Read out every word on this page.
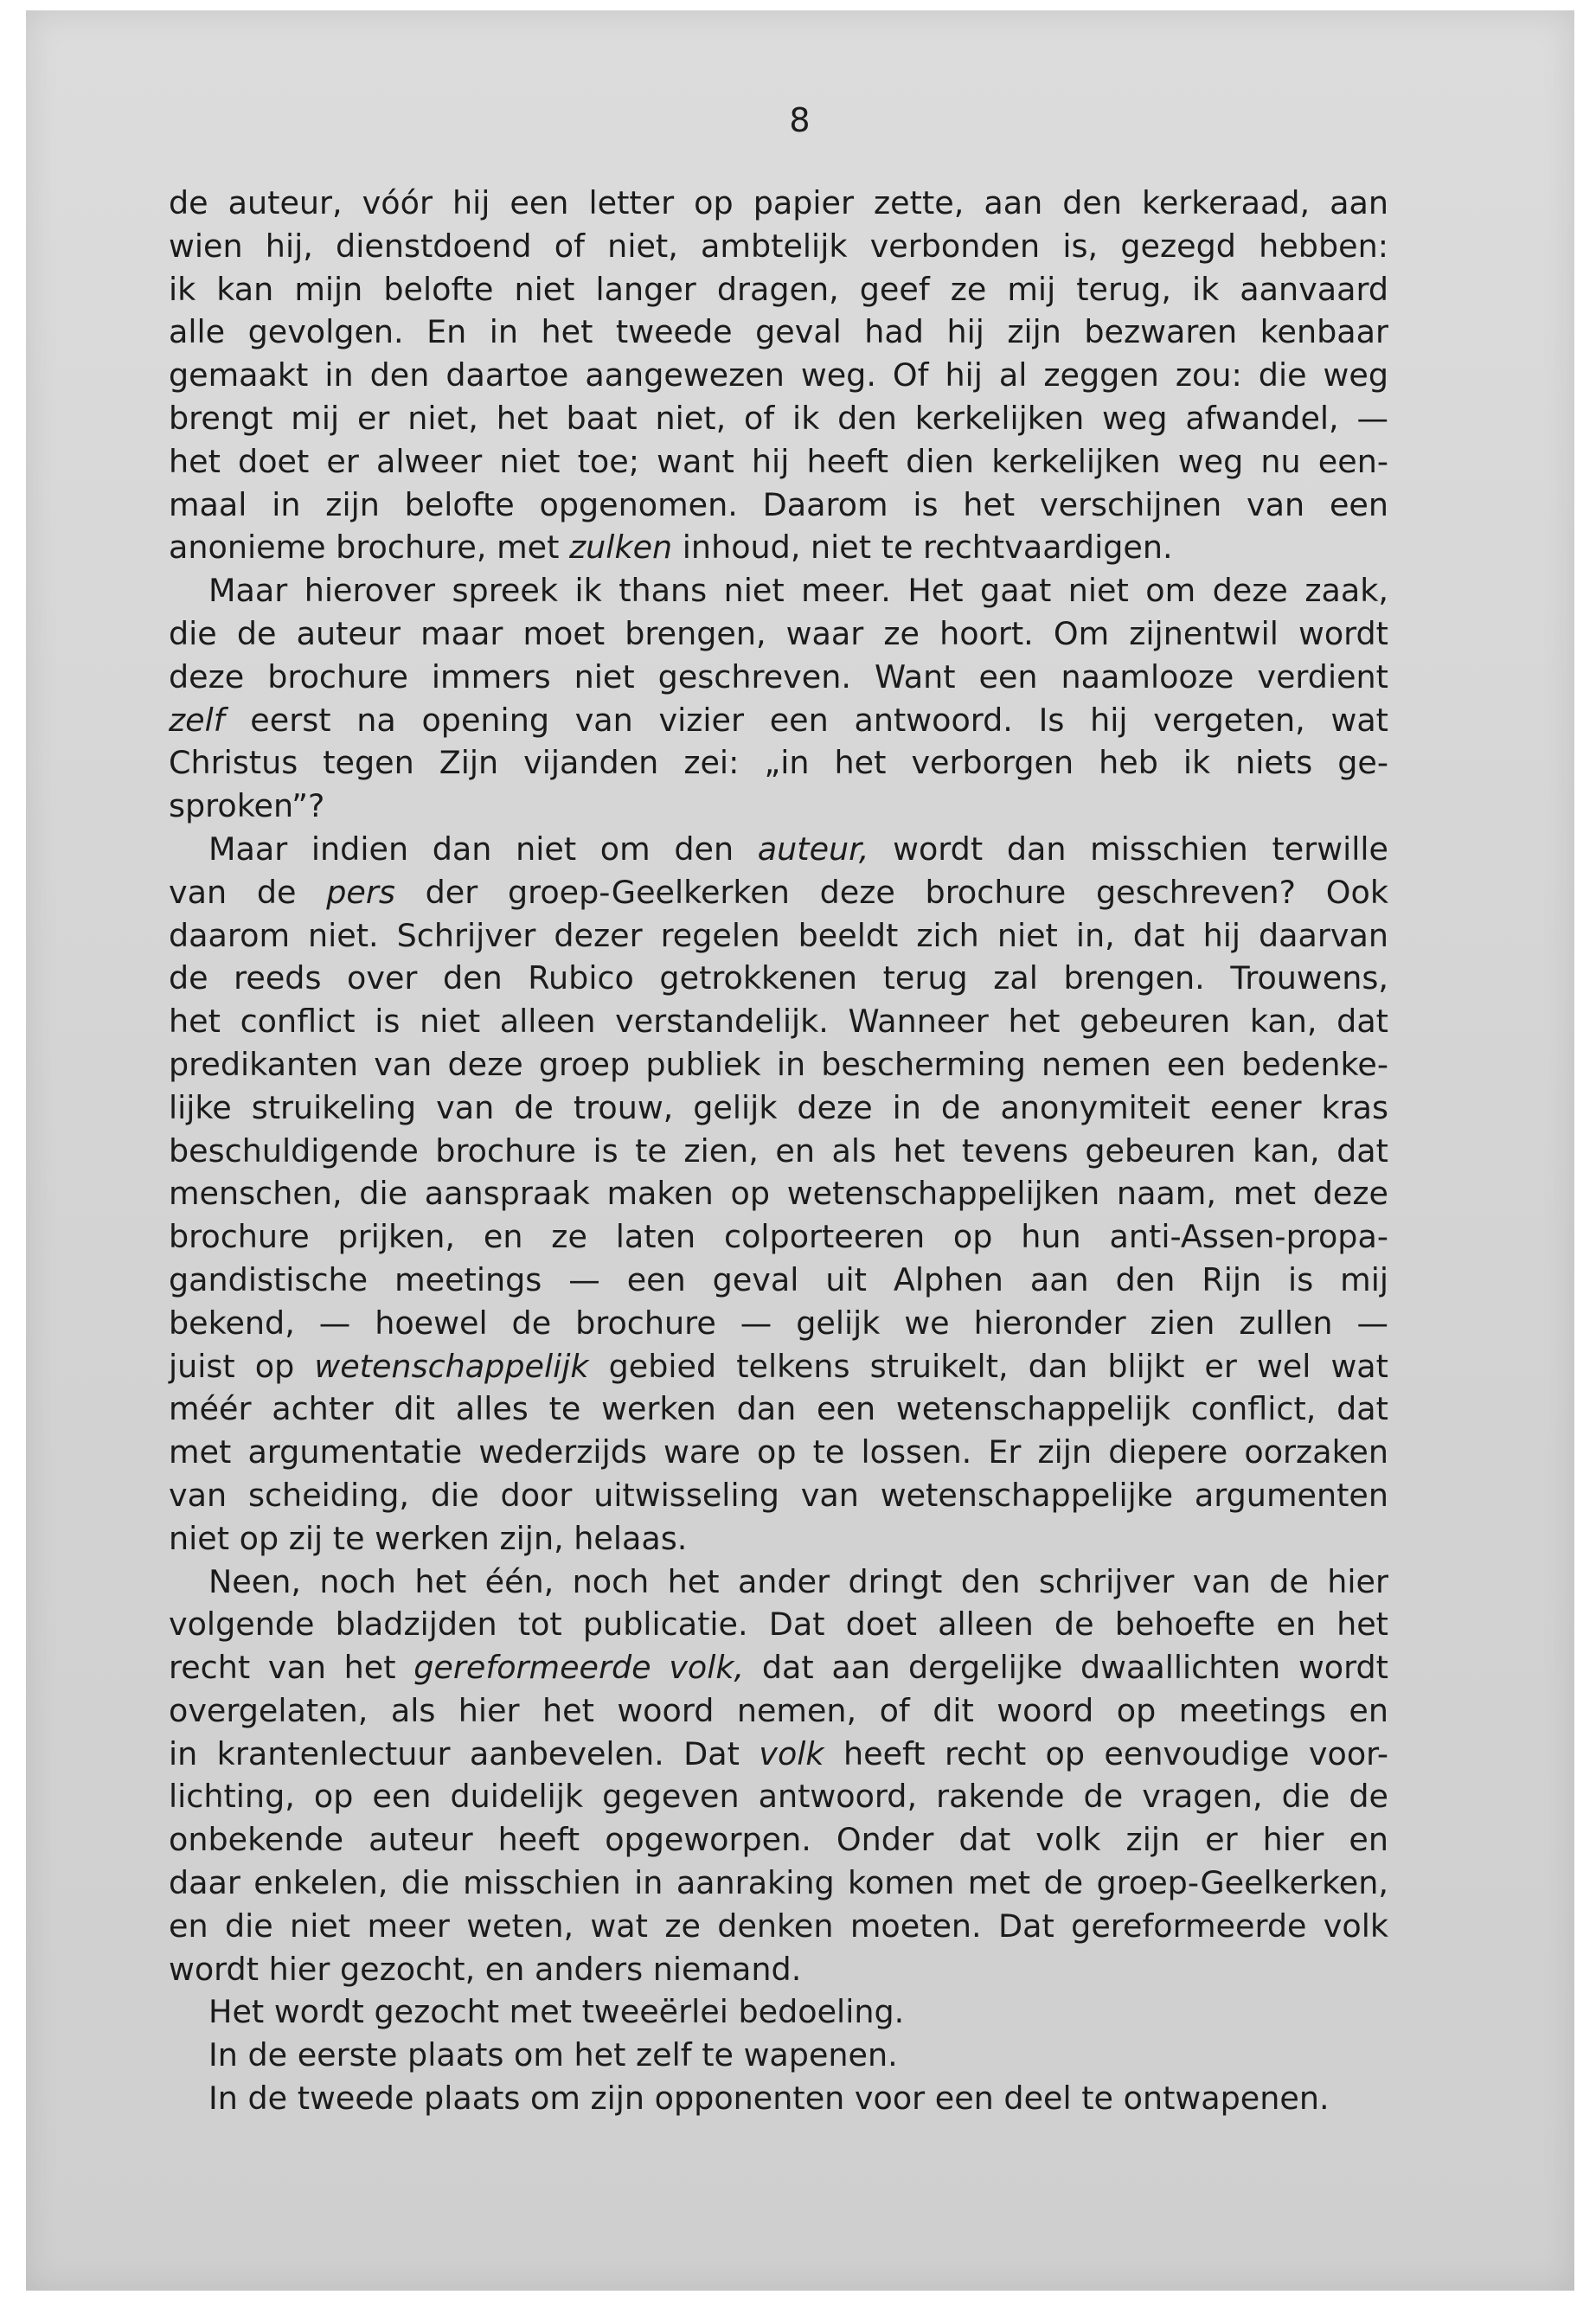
8
de auteur, vóór hij een letter op papier zette, aan den kerkeraad, aan
wien hij, dienstdoend of niet, ambtelijk verbonden is, gezegd hebben:
ik kan mijn belofte niet langer dragen, geef ze mij terug, ik aanvaard
alle gevolgen. En in het tweede geval had hij zijn bezwaren kenbaar
gemaakt in den daartoe aangewezen weg. Of hij al zeggen zou: die weg
brengt mij er niet, het baat niet, of ik den kerkelijken weg afwandel, —
het doet er alweer niet toe; want hij heeft dien kerkelijken weg nu een-
maal in zijn belofte opgenomen. Daarom is het verschijnen van een
anonieme brochure, met zulken inhoud, niet te rechtvaardigen.
Maar hierover spreek ik thans niet meer. Het gaat niet om deze zaak,
die de auteur maar moet brengen, waar ze hoort. Om zijnentwil wordt
deze brochure immers niet geschreven. Want een naamlooze verdient
zelf eerst na opening van vizier een antwoord. Is hij vergeten, wat
Christus tegen Zijn vijanden zei: „in het verborgen heb ik niets ge-
sproken”?
Maar indien dan niet om den auteur, wordt dan misschien terwille
van de pers der groep-Geelkerken deze brochure geschreven? Ook
daarom niet. Schrijver dezer regelen beeldt zich niet in, dat hij daarvan
de reeds over den Rubico getrokkenen terug zal brengen. Trouwens,
het conflict is niet alleen verstandelijk. Wanneer het gebeuren kan, dat
predikanten van deze groep publiek in bescherming nemen een bedenke-
lijke struikeling van de trouw, gelijk deze in de anonymiteit eener kras
beschuldigende brochure is te zien, en als het tevens gebeuren kan, dat
menschen, die aanspraak maken op wetenschappelijken naam, met deze
brochure prijken, en ze laten colporteeren op hun anti-Assen-propa-
gandistische meetings — een geval uit Alphen aan den Rijn is mij
bekend, — hoewel de brochure — gelijk we hieronder zien zullen —
juist op wetenschappelijk gebied telkens struikelt, dan blijkt er wel wat
méér achter dit alles te werken dan een wetenschappelijk conflict, dat
met argumentatie wederzijds ware op te lossen. Er zijn diepere oorzaken
van scheiding, die door uitwisseling van wetenschappelijke argumenten
niet op zij te werken zijn, helaas.
Neen, noch het één, noch het ander dringt den schrijver van de hier
volgende bladzijden tot publicatie. Dat doet alleen de behoefte en het
recht van het gereformeerde volk, dat aan dergelijke dwaallichten wordt
overgelaten, als hier het woord nemen, of dit woord op meetings en
in krantenlectuur aanbevelen. Dat volk heeft recht op eenvoudige voor-
lichting, op een duidelijk gegeven antwoord, rakende de vragen, die de
onbekende auteur heeft opgeworpen. Onder dat volk zijn er hier en
daar enkelen, die misschien in aanraking komen met de groep-Geelkerken,
en die niet meer weten, wat ze denken moeten. Dat gereformeerde volk
wordt hier gezocht, en anders niemand.
Het wordt gezocht met tweeërlei bedoeling.
In de eerste plaats om het zelf te wapenen.
In de tweede plaats om zijn opponenten voor een deel te ontwapenen.
